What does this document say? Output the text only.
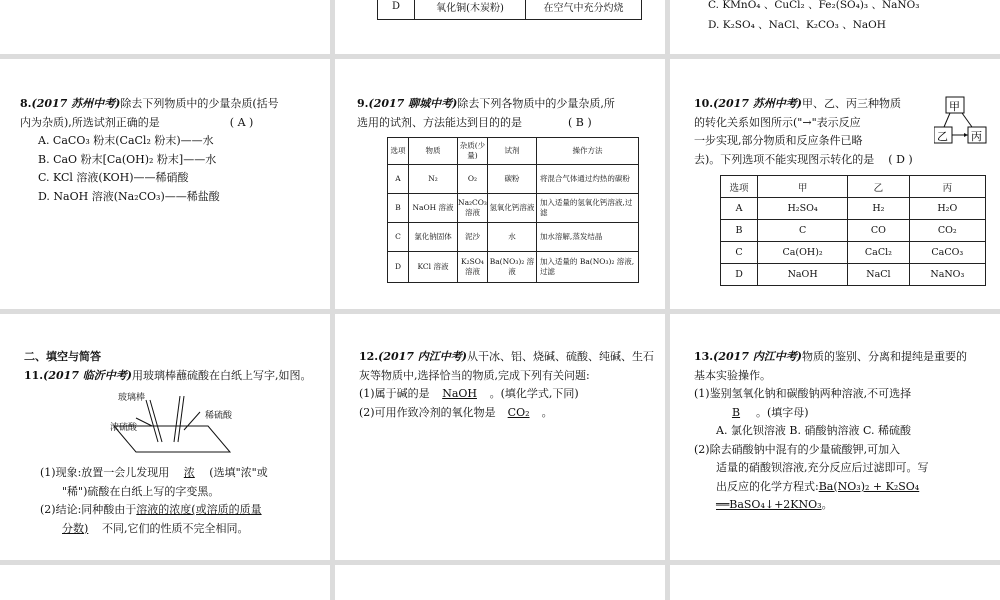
D	氧化铜(木炭粉)	在空气中充分灼烧	C. KMnO₄ 、CuCl₂ 、Fe₂(SO₄)₃ 、NaNO₃

D. K₂SO₄ 、NaCl、K₂CO₃ 、NaOH

8.(2017 苏州中考)除去下列物质中的少量杂质(括号

内为杂质),所选试剂正确的是	( A )

A. CaCO₃ 粉末(CaCl₂ 粉末)——水

B. CaO 粉末[Ca(OH)₂ 粉末]——水

C. KCl 溶液(KOH)——稀硝酸

D. NaOH 溶液(Na₂CO₃)——稀盐酸

9.(2017 聊城中考)除去下列各物质中的少量杂质,所

选用的试剂、方法能达到目的的是	( B )

选项	物质	杂质(少量)	试剂	操作方法
A	N₂	O₂	碳粉	将混合气体通过灼热的碳粉
B	NaOH 溶液	Na₂CO₃ 溶液	氢氧化钙溶液	加入适量的氢氧化钙溶液,过滤
C	氯化钠固体	泥沙	水	加水溶解,蒸发结晶
D	KCl 溶液	K₂SO₄ 溶液	Ba(NO₃)₂ 溶液	加入适量的 Ba(NO₃)₂ 溶液,过滤

10.(2017 苏州中考)甲、乙、丙三种物质

的转化关系如图所示("→"表示反应

一步实现,部分物质和反应条件已略

去)。下列选项不能实现图示转化的是 ( D )

甲
乙 丙
选项	甲	乙	丙
A	H₂SO₄	H₂	H₂O
B	C	CO	CO₂
C	Ca(OH)₂	CaCl₂	CaCO₃
D	NaOH	NaCl	NaNO₃

二、填空与简答

11.(2017 临沂中考)用玻璃棒蘸硫酸在白纸上写字,如图。

玻璃棒
稀硫酸
浓硫酸

(1)现象:放置一会儿发现用 浓 (选填"浓"或

"稀")硫酸在白纸上写的字变黑。

(2)结论:同种酸由于溶液的浓度(或溶质的质量

分数) 不同,它们的性质不完全相同。

12.(2017 内江中考)从干冰、铝、烧碱、硫酸、纯碱、生石

灰等物质中,选择恰当的物质,完成下列有关问题:

(1)属于碱的是 NaOH 。(填化学式,下同)

(2)可用作致冷剂的氧化物是 CO₂ 。

13.(2017 内江中考)物质的鉴别、分离和提纯是重要的

基本实验操作。

(1)鉴别氢氧化钠和碳酸钠两种溶液,不可选择

B 。(填字母)

A. 氯化钡溶液 B. 硝酸钠溶液 C. 稀硫酸

(2)除去硝酸钠中混有的少量硫酸钾,可加入

适量的硝酸钡溶液,充分反应后过滤即可。写

出反应的化学方程式:Ba(NO₃)₂ + K₂SO₄

══BaSO₄↓+2KNO₃。
